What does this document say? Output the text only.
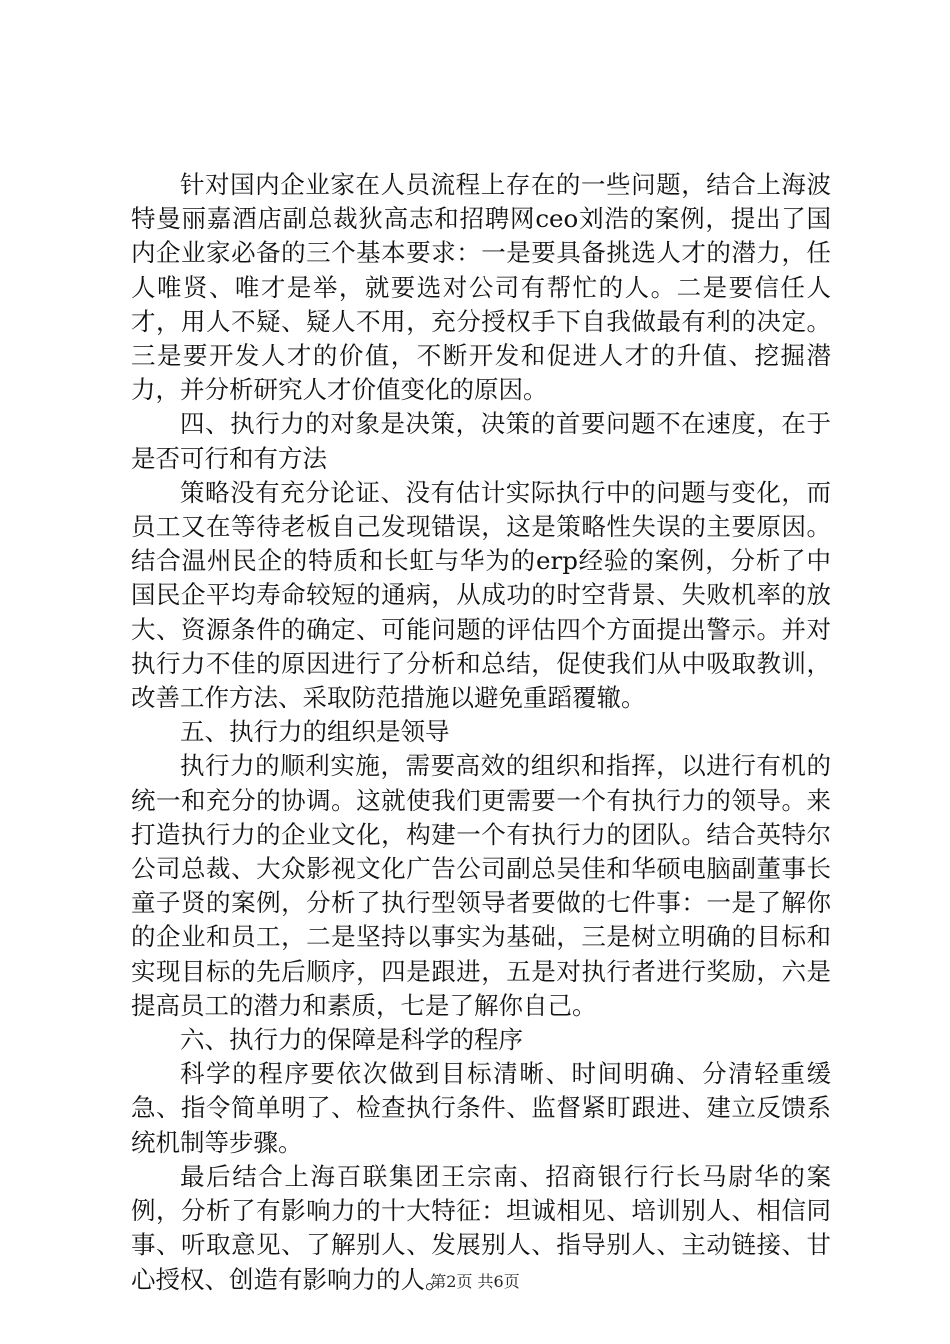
针对国内企业家在人员流程上存在的一些问题，结合上海波特曼丽嘉酒店副总裁狄高志和招聘网ceo刘浩的案例，提出了国内企业家必备的三个基本要求：一是要具备挑选人才的潜力，任人唯贤、唯才是举，就要选对公司有帮忙的人。二是要信任人才，用人不疑、疑人不用，充分授权手下自我做最有利的决定。三是要开发人才的价值，不断开发和促进人才的升值、挖掘潜力，并分析研究人才价值变化的原因。

四、执行力的对象是决策，决策的首要问题不在速度，在于是否可行和有方法

策略没有充分论证、没有估计实际执行中的问题与变化，而员工又在等待老板自己发现错误，这是策略性失误的主要原因。结合温州民企的特质和长虹与华为的erp经验的案例，分析了中国民企平均寿命较短的通病，从成功的时空背景、失败机率的放大、资源条件的确定、可能问题的评估四个方面提出警示。并对执行力不佳的原因进行了分析和总结，促使我们从中吸取教训，改善工作方法、采取防范措施以避免重蹈覆辙。

五、执行力的组织是领导

执行力的顺利实施，需要高效的组织和指挥，以进行有机的统一和充分的协调。这就使我们更需要一个有执行力的领导。来打造执行力的企业文化，构建一个有执行力的团队。结合英特尔公司总裁、大众影视文化广告公司副总吴佳和华硕电脑副董事长童子贤的案例，分析了执行型领导者要做的七件事：一是了解你的企业和员工，二是坚持以事实为基础，三是树立明确的目标和实现目标的先后顺序，四是跟进，五是对执行者进行奖励，六是提高员工的潜力和素质，七是了解你自己。

六、执行力的保障是科学的程序

科学的程序要依次做到目标清晰、时间明确、分清轻重缓急、指令简单明了、检查执行条件、监督紧盯跟进、建立反馈系统机制等步骤。

最后结合上海百联集团王宗南、招商银行行长马尉华的案例，分析了有影响力的十大特征：坦诚相见、培训别人、相信同事、听取意见、了解别人、发展别人、指导别人、主动链接、甘心授权、创造有影响力的人。

第2页 共6页
